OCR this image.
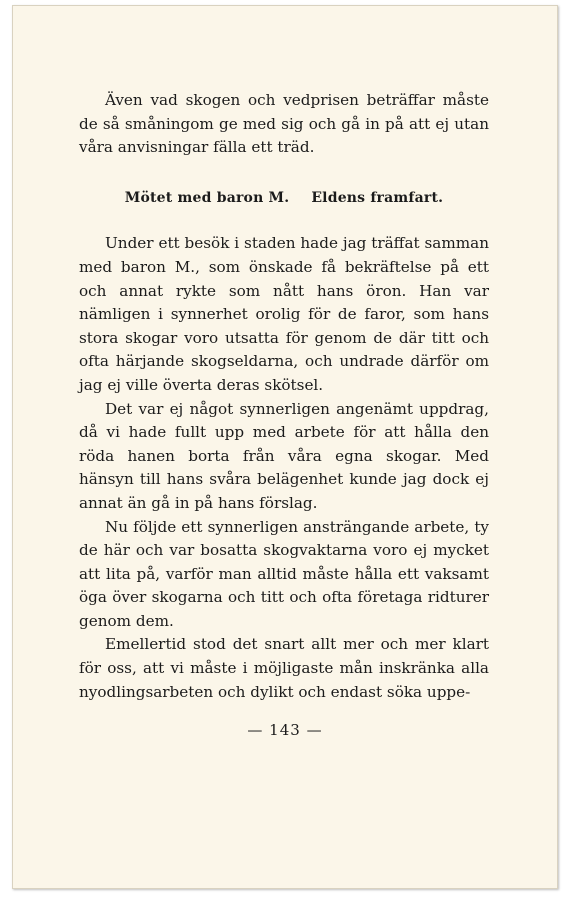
Även vad skogen och vedprisen beträffar måste de så småningom ge med sig och gå in på att ej utan våra anvisningar fälla ett träd.

Mötet med baron M. Eldens framfart.

Under ett besök i staden hade jag träffat samman med baron M., som önskade få bekräftelse på ett och annat rykte som nått hans öron. Han var nämligen i synnerhet orolig för de faror, som hans stora skogar voro utsatta för genom de där titt och ofta härjande skogseldarna, och undrade därför om jag ej ville överta deras skötsel.

Det var ej något synnerligen angenämt uppdrag, då vi hade fullt upp med arbete för att hålla den röda hanen borta från våra egna skogar. Med hänsyn till hans svåra belägenhet kunde jag dock ej annat än gå in på hans förslag.

Nu följde ett synnerligen ansträngande arbete, ty de här och var bosatta skogvaktarna voro ej mycket att lita på, varför man alltid måste hålla ett vaksamt öga över skogarna och titt och ofta företaga ridturer genom dem.

Emellertid stod det snart allt mer och mer klart för oss, att vi måste i möjligaste mån inskränka alla nyodlingsarbeten och dylikt och endast söka uppe-

— 143 —
